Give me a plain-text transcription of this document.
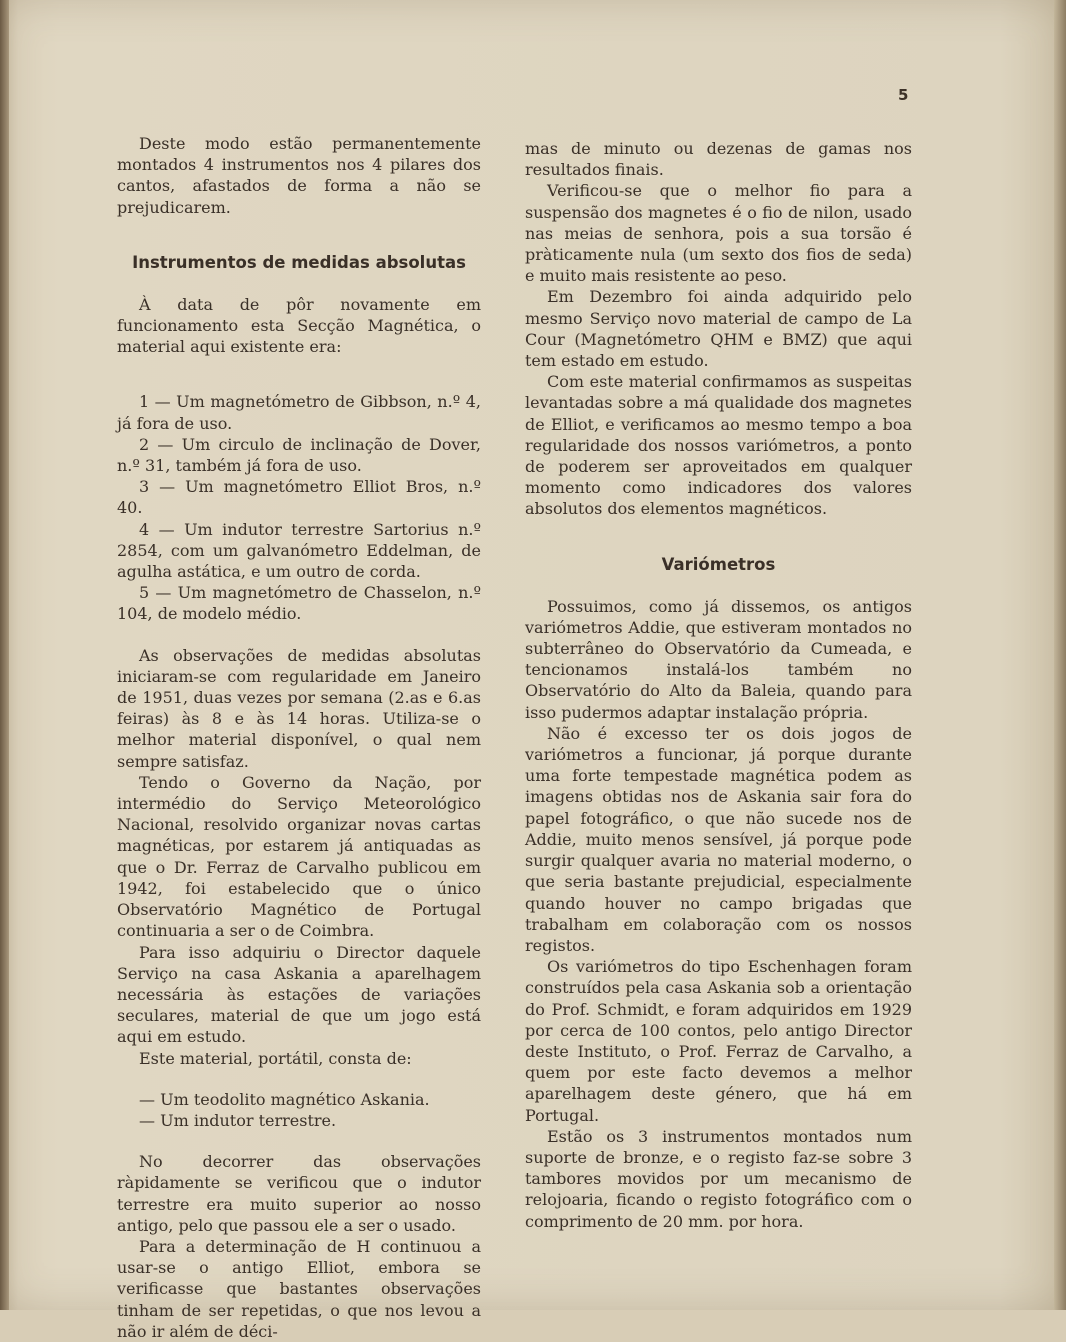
5

Deste modo estão permanentemente montados 4 instrumentos nos 4 pilares dos cantos, afastados de forma a não se prejudicarem.

Instrumentos de medidas absolutas

À data de pôr novamente em funcionamento esta Secção Magnética, o material aqui existente era:

1 — Um magnetómetro de Gibbson, n.º 4, já fora de uso.

2 — Um circulo de inclinação de Dover, n.º 31, também já fora de uso.

3 — Um magnetómetro Elliot Bros, n.º 40.

4 — Um indutor terrestre Sartorius n.º 2854, com um galvanómetro Eddelman, de agulha astática, e um outro de corda.

5 — Um magnetómetro de Chasselon, n.º 104, de modelo médio.

As observações de medidas absolutas iniciaram-se com regularidade em Janeiro de 1951, duas vezes por semana (2.as e 6.as feiras) às 8 e às 14 horas. Utiliza-se o melhor material disponível, o qual nem sempre satisfaz.

Tendo o Governo da Nação, por intermédio do Serviço Meteorológico Nacional, resolvido organizar novas cartas magnéticas, por estarem já antiquadas as que o Dr. Ferraz de Carvalho publicou em 1942, foi estabelecido que o único Observatório Magnético de Portugal continuaria a ser o de Coimbra.

Para isso adquiriu o Director daquele Serviço na casa Askania a aparelhagem necessária às estações de variações seculares, material de que um jogo está aqui em estudo.

Este material, portátil, consta de:

— Um teodolito magnético Askania.

— Um indutor terrestre.

No decorrer das observações ràpidamente se verificou que o indutor terrestre era muito superior ao nosso antigo, pelo que passou ele a ser o usado.

Para a determinação de H continuou a usar-se o antigo Elliot, embora se verificasse que bastantes observações tinham de ser repetidas, o que nos levou a não ir além de déci-

mas de minuto ou dezenas de gamas nos resultados finais.

Verificou-se que o melhor fio para a suspensão dos magnetes é o fio de nilon, usado nas meias de senhora, pois a sua torsão é pràticamente nula (um sexto dos fios de seda) e muito mais resistente ao peso.

Em Dezembro foi ainda adquirido pelo mesmo Serviço novo material de campo de La Cour (Magnetómetro QHM e BMZ) que aqui tem estado em estudo.

Com este material confirmamos as suspeitas levantadas sobre a má qualidade dos magnetes de Elliot, e verificamos ao mesmo tempo a boa regularidade dos nossos variómetros, a ponto de poderem ser aproveitados em qualquer momento como indicadores dos valores absolutos dos elementos magnéticos.

Variómetros

Possuimos, como já dissemos, os antigos variómetros Addie, que estiveram montados no subterrâneo do Observatório da Cumeada, e tencionamos instalá-los também no Observatório do Alto da Baleia, quando para isso pudermos adaptar instalação própria.

Não é excesso ter os dois jogos de variómetros a funcionar, já porque durante uma forte tempestade magnética podem as imagens obtidas nos de Askania sair fora do papel fotográfico, o que não sucede nos de Addie, muito menos sensível, já porque pode surgir qualquer avaria no material moderno, o que seria bastante prejudicial, especialmente quando houver no campo brigadas que trabalham em colaboração com os nossos registos.

Os variómetros do tipo Eschenhagen foram construídos pela casa Askania sob a orientação do Prof. Schmidt, e foram adquiridos em 1929 por cerca de 100 contos, pelo antigo Director deste Instituto, o Prof. Ferraz de Carvalho, a quem por este facto devemos a melhor aparelhagem deste género, que há em Portugal.

Estão os 3 instrumentos montados num suporte de bronze, e o registo faz-se sobre 3 tambores movidos por um mecanismo de relojoaria, ficando o registo fotográfico com o comprimento de 20 mm. por hora.
